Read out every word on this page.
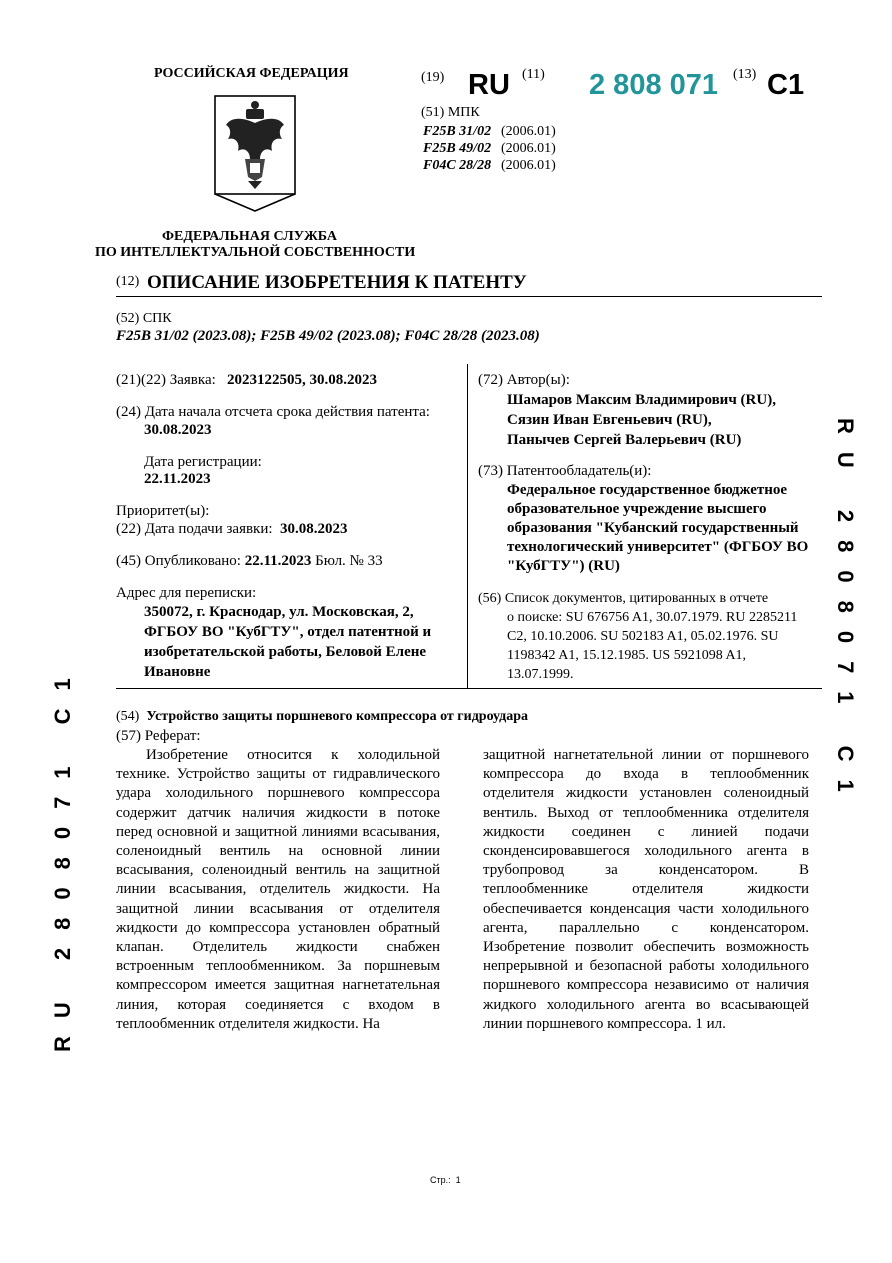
РОССИЙСКАЯ ФЕДЕРАЦИЯ
ФЕДЕРАЛЬНАЯ СЛУЖБА
ПО ИНТЕЛЛЕКТУАЛЬНОЙ СОБСТВЕННОСТИ
(19) RU (11) 2 808 071 (13) C1
(51) МПК
F25B 31/02 (2006.01)
F25B 49/02 (2006.01)
F04C 28/28 (2006.01)
(12) ОПИСАНИЕ ИЗОБРЕТЕНИЯ К ПАТЕНТУ
(52) СПК
F25B 31/02 (2023.08); F25B 49/02 (2023.08); F04C 28/28 (2023.08)
(21)(22) Заявка: 2023122505, 30.08.2023
(24) Дата начала отсчета срока действия патента:
30.08.2023
Дата регистрации:
22.11.2023
Приоритет(ы):
(22) Дата подачи заявки: 30.08.2023
(45) Опубликовано: 22.11.2023 Бюл. № 33
Адрес для переписки:
350072, г. Краснодар, ул. Московская, 2,
ФГБОУ ВО "КубГТУ", отдел патентной и
изобретательской работы, Беловой Елене
Ивановне
(72) Автор(ы):
Шамаров Максим Владимирович (RU),
Сязин Иван Евгеньевич (RU),
Панычев Сергей Валерьевич (RU)
(73) Патентообладатель(и):
Федеральное государственное бюджетное
образовательное учреждение высшего
образования "Кубанский государственный
технологический университет" (ФГБОУ ВО
"КубГТУ") (RU)
(56) Список документов, цитированных в отчете
о поиске: SU 676756 A1, 30.07.1979. RU 2285211
C2, 10.10.2006. SU 502183 A1, 05.02.1976. SU
1198342 A1, 15.12.1985. US 5921098 A1,
13.07.1999.
(54) Устройство защиты поршневого компрессора от гидроудара
(57) Реферат:
Изобретение относится к холодильной
технике. Устройство защиты от гидравлического
удара холодильного поршневого компрессора
содержит датчик наличия жидкости в потоке
перед основной и защитной линиями всасывания,
соленоидный вентиль на основной линии
всасывания, соленоидный вентиль на защитной
линии всасывания, отделитель жидкости. На
защитной линии всасывания от отделителя
жидкости до компрессора установлен обратный
клапан. Отделитель жидкости снабжен
встроенным теплообменником. За поршневым
компрессором имеется защитная нагнетательная
линия, которая соединяется с входом в
теплообменник отделителя жидкости. На
защитной нагнетательной линии от поршневого
компрессора до входа в теплообменник
отделителя жидкости установлен соленоидный
вентиль. Выход от теплообменника отделителя
жидкости соединен с линией подачи
сконденсировавшегося холодильного агента в
трубопровод за конденсатором. В
теплообменнике отделителя жидкости
обеспечивается конденсация части холодильного
агента, параллельно с конденсатором.
Изобретение позволит обеспечить возможность
непрерывной и безопасной работы холодильного
поршневого компрессора независимо от наличия
жидкого холодильного агента во всасывающей
линии поршневого компрессора. 1 ил.
RU 2808071 C1
RU 2808071 C1
Стр.: 1
